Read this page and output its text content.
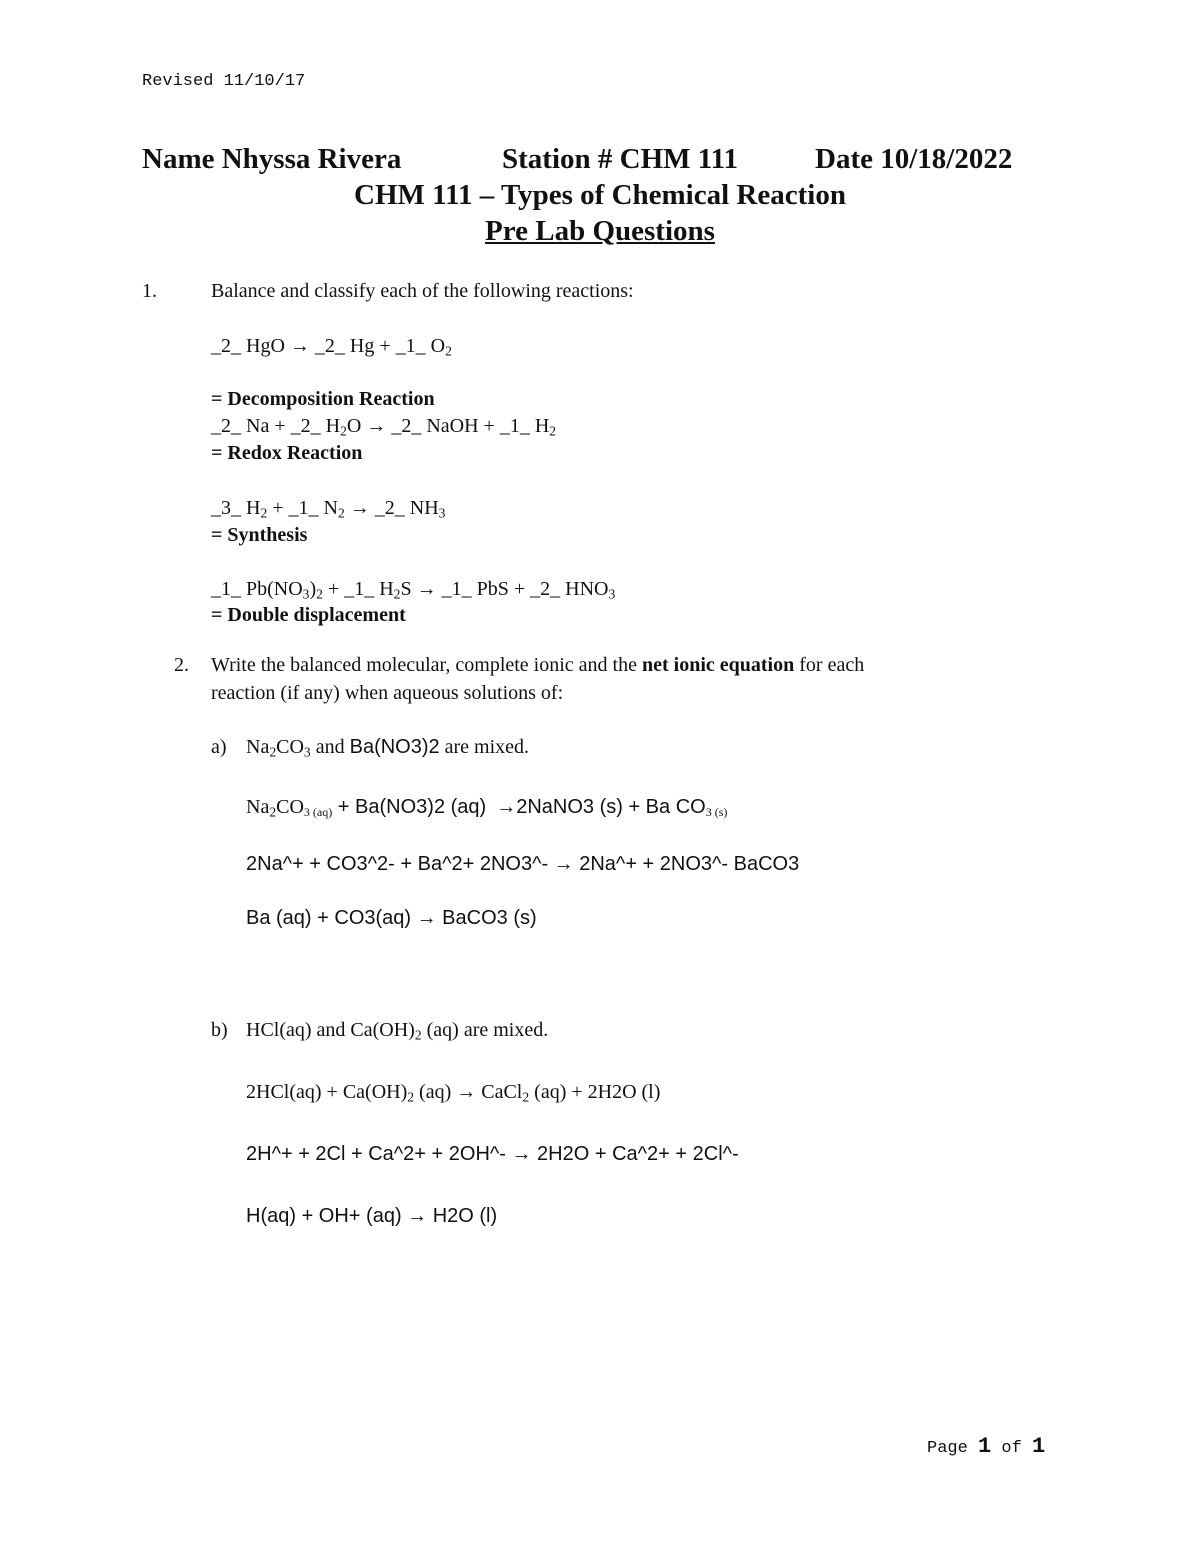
Revised 11/10/17
Name Nhyssa Rivera	Station # CHM 111	Date 10/18/2022
CHM 111 – Types of Chemical Reaction
Pre Lab Questions
1.	Balance and classify each of the following reactions:
_2_ HgO → _2_ Hg + _1_ $O_2$
= Decomposition Reaction
_2_ Na + _2_ $H_2O$ → _2_ NaOH + _1_ $H_2$
= Redox Reaction
_3_ $H_2$ + _1_ $N_2$ → _2_ $NH_3$
= Synthesis
_1_ $Pb(NO_3)_2$ + _1_ $H_2S$ → _1_ PbS + _2_ $HNO_3$
= Double displacement
2. Write the balanced molecular, complete ionic and the net ionic equation for each
reaction (if any) when aqueous solutions of:
a) $Na_2CO_3$ and Ba(NO3)2 are mixed.
$Na_2CO_{3 (aq)} + Ba(NO3)2$ (aq) →2NaNO3 (s) + Ba $CO_{3 (s)}$
2Na^+ + CO3^2- + Ba^2+ 2NO3^- → 2Na^+ + 2NO3^- BaCO3
Ba (aq) + CO3(aq) → BaCO3 (s)
b) HCl(aq) and $Ca(OH)_2$ (aq) are mixed.
$2HCl(aq) + Ca(OH)_2$ (aq) → CaCl$_2$ (aq) + 2H2O (l)
2H^+ + 2Cl + Ca^2+ + 2OH^- → 2H2O + Ca^2+ + 2Cl^-
H(aq) + OH+ (aq) → H2O (l)
Page 1 of 1
